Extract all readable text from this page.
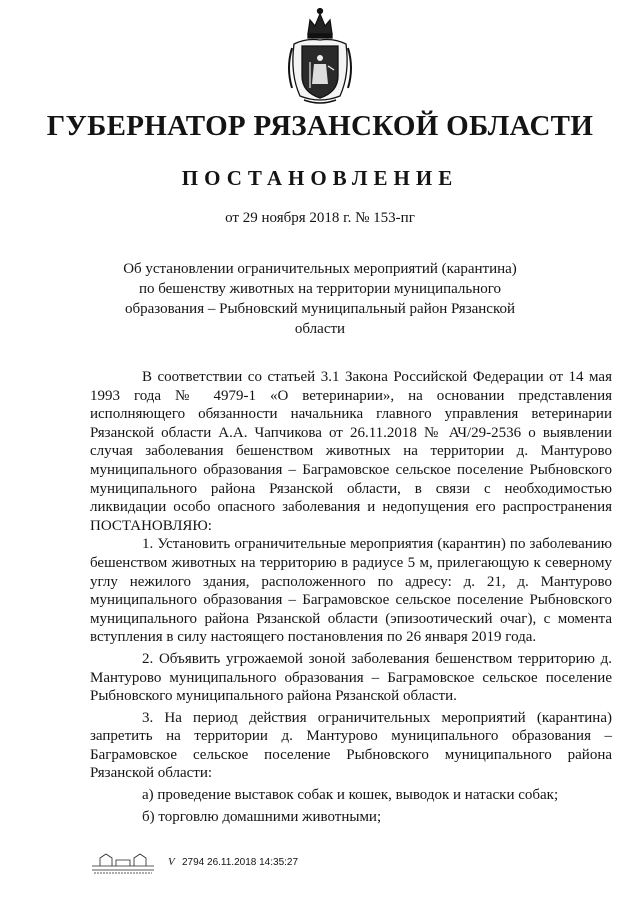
ГУБЕРНАТОР РЯЗАНСКОЙ ОБЛАСТИ
ПОСТАНОВЛЕНИЕ
от 29 ноября 2018 г. № 153-пг
Об установлении ограничительных мероприятий (карантина)
по бешенству животных на территории муниципального
образования – Рыбновский муниципальный район Рязанской области

В соответствии со статьей 3.1 Закона Российской Федерации от 14 мая 1993 года № 4979-1 «О ветеринарии», на основании представления исполняющего обязанности начальника главного управления ветеринарии Рязанской области А.А. Чапчикова от 26.11.2018 № АЧ/29-2536 о выявлении случая заболевания бешенством животных на территории д. Мантурово муниципального образования – Баграмовское сельское поселение Рыбновского муниципального района Рязанской области, в связи с необходимостью ликвидации особо опасного заболевания и недопущения его распространения ПОСТАНОВЛЯЮ:

1. Установить ограничительные мероприятия (карантин) по заболеванию бешенством животных на территорию в радиусе 5 м, прилегающую к северному углу нежилого здания, расположенного по адресу: д. 21, д. Мантурово муниципального образования – Баграмовское сельское поселение Рыбновского муниципального района Рязанской области (эпизоотический очаг), с момента вступления в силу настоящего постановления по 26 января 2019 года.

2. Объявить угрожаемой зоной заболевания бешенством территорию д. Мантурово муниципального образования – Баграмовское сельское поселение Рыбновского муниципального района Рязанской области.

3. На период действия ограничительных мероприятий (карантина) запретить на территории д. Мантурово муниципального образования – Баграмовское сельское поселение Рыбновского муниципального района Рязанской области:

а) проведение выставок собак и кошек, выводок и натаски собак;

б) торговлю домашними животными;

V 2794 26.11.2018 14:35:27
